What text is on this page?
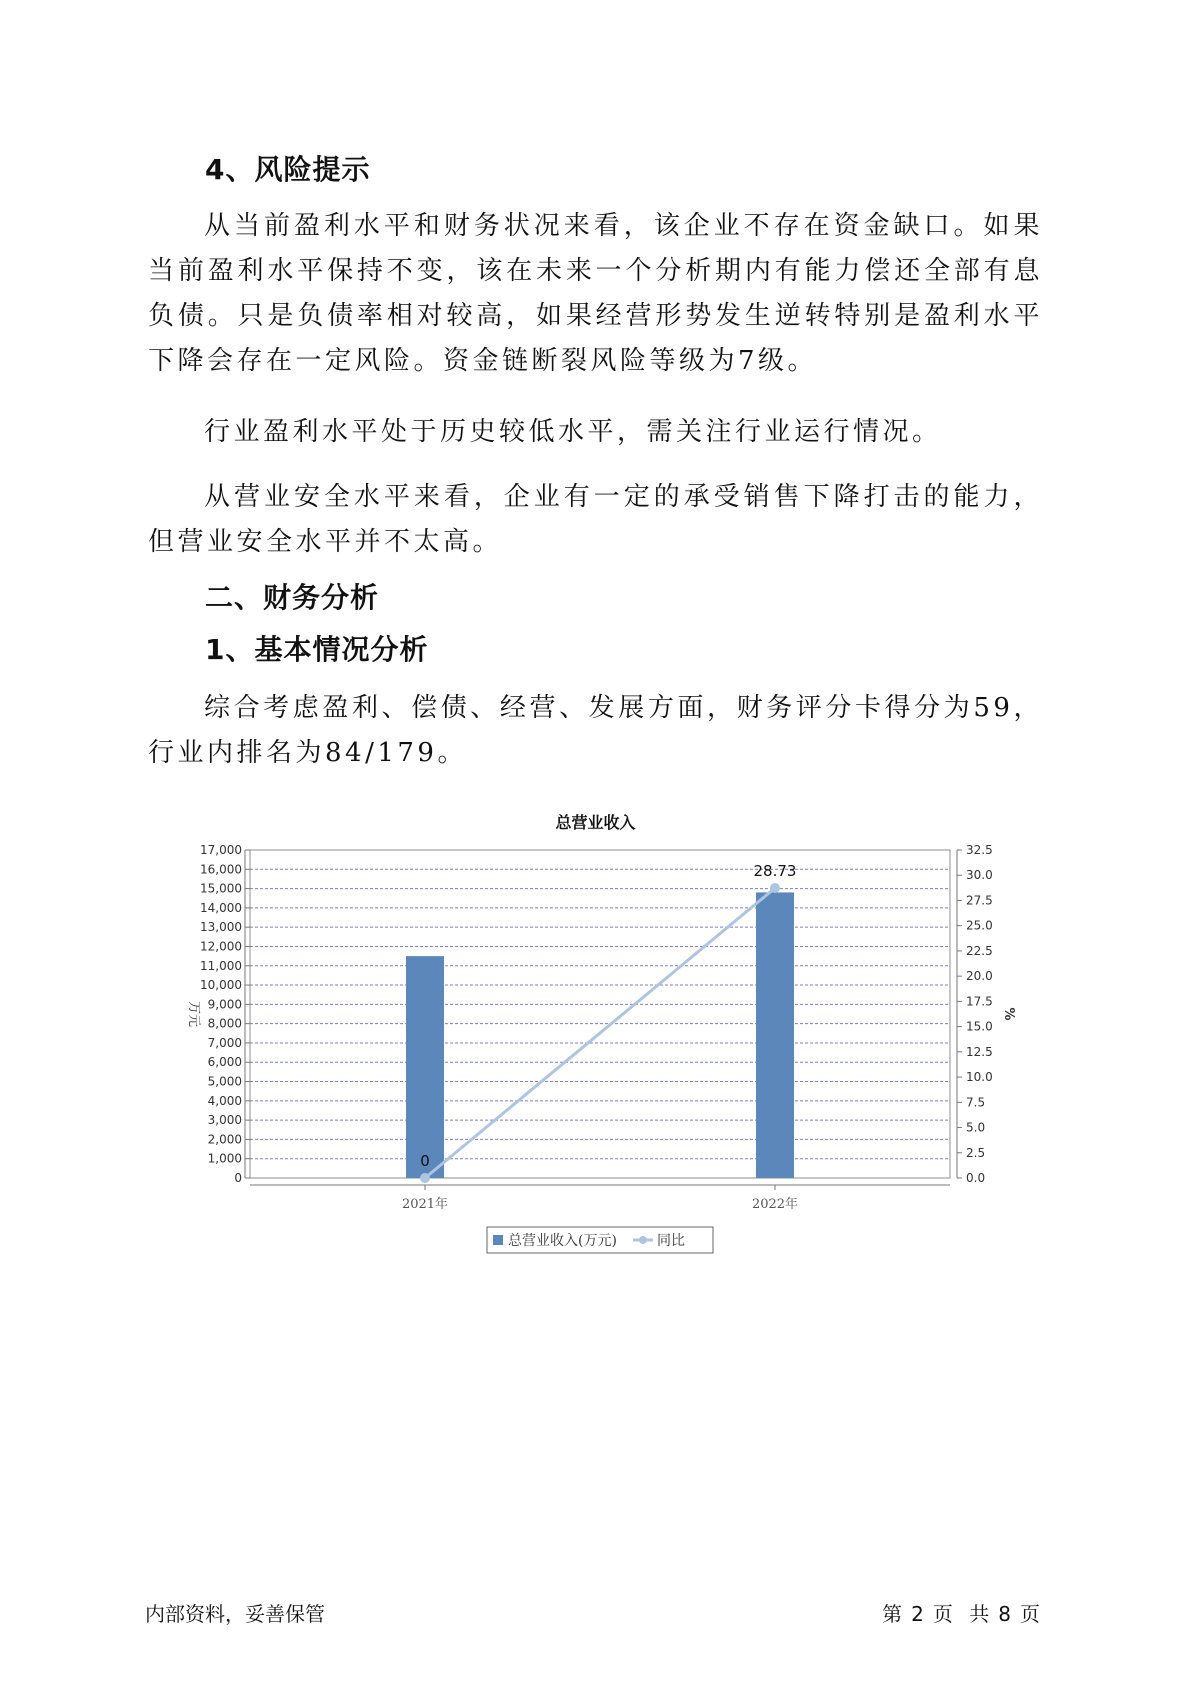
4、风险提示

从当前盈利水平和财务状况来看，该企业不存在资金缺口。如果当前盈利水平保持不变，该在未来一个分析期内有能力偿还全部有息负债。只是负债率相对较高，如果经营形势发生逆转特别是盈利水平下降会存在一定风险。资金链断裂风险等级为7级。

行业盈利水平处于历史较低水平，需关注行业运行情况。

从营业安全水平来看，企业有一定的承受销售下降打击的能力，但营业安全水平并不太高。

二、财务分析
1、基本情况分析

综合考虑盈利、偿债、经营、发展方面，财务评分卡得分为59，行业内排名为84/179。

总营业收入
0
28.73
0
1,000
2,000
3,000
4,000
5,000
6,000
7,000
8,000
9,000
10,000
11,000
12,000
13,000
14,000
15,000
16,000
17,000
0.0
2.5
5.0
7.5
10.0
12.5
15.0
17.5
20.0
22.5
25.0
27.5
30.0
32.5
万元	%
2021年	2022年
总营业收入(万元)	同比
内部资料，妥善保管	第 2 页 共 8 页
